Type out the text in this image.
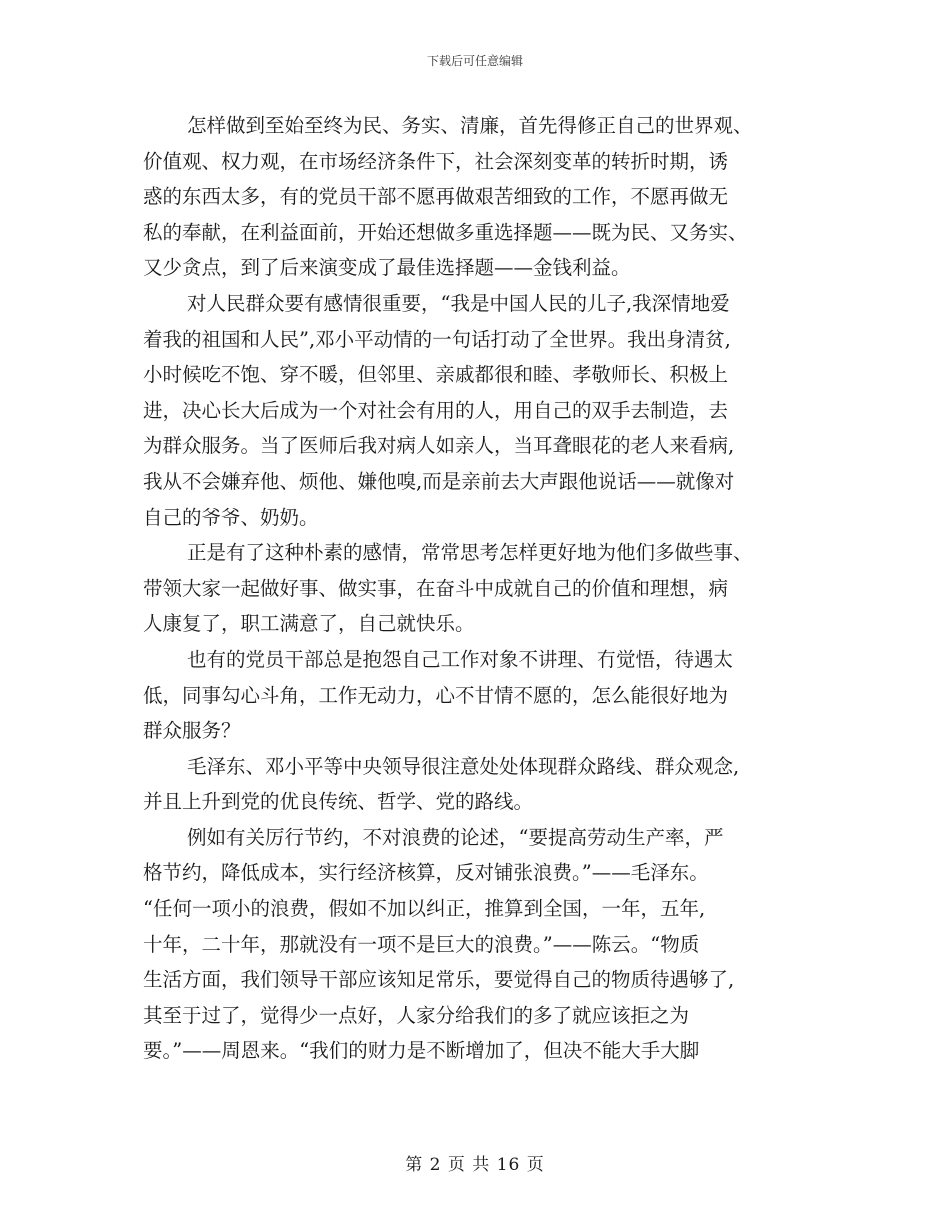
下载后可任意编辑

怎样做到至始至终为民、务实、清廉，首先得修正自己的世界观、
价值观、权力观，在市场经济条件下，社会深刻变革的转折时期，诱
惑的东西太多，有的党员干部不愿再做艰苦细致的工作，不愿再做无
私的奉献，在利益面前，开始还想做多重选择题——既为民、又务实、
又少贪点，到了后来演变成了最佳选择题——金钱利益。

对人民群众要有感情很重要，“我是中国人民的儿子,我深情地爱
着我的祖国和人民”,邓小平动情的一句话打动了全世界。我出身清贫,
小时候吃不饱、穿不暖，但邻里、亲戚都很和睦、孝敬师长、积极上
进，决心长大后成为一个对社会有用的人，用自己的双手去制造，去
为群众服务。当了医师后我对病人如亲人，当耳聋眼花的老人来看病,
我从不会嫌弃他、烦他、嫌他嗅,而是亲前去大声跟他说话——就像对
自己的爷爷、奶奶。

正是有了这种朴素的感情，常常思考怎样更好地为他们多做些事、
带领大家一起做好事、做实事，在奋斗中成就自己的价值和理想，病
人康复了，职工满意了，自己就快乐。

也有的党员干部总是抱怨自己工作对象不讲理、冇觉悟，待遇太
低，同事勾心斗角，工作无动力，心不甘情不愿的，怎么能很好地为
群众服务？

毛泽东、邓小平等中央领导很注意处处体现群众路线、群众观念,
并且上升到党的优良传统、哲学、党的路线。

例如有关厉行节约，不对浪费的论述，“要提高劳动生产率，严
格节约，降低成本，实行经济核算，反对铺张浪费。”——毛泽东。
“任何一项小的浪费，假如不加以纠正，推算到全国，一年，五年,
十年，二十年，那就没有一项不是巨大的浪费。”——陈云。“物质
生活方面，我们领导干部应该知足常乐，要觉得自己的物质待遇够了,
其至于过了，觉得少一点好，人家分给我们的多了就应该拒之为
要。”——周恩来。“我们的财力是不断增加了，但决不能大手大脚

第 2 页 共 16 页
